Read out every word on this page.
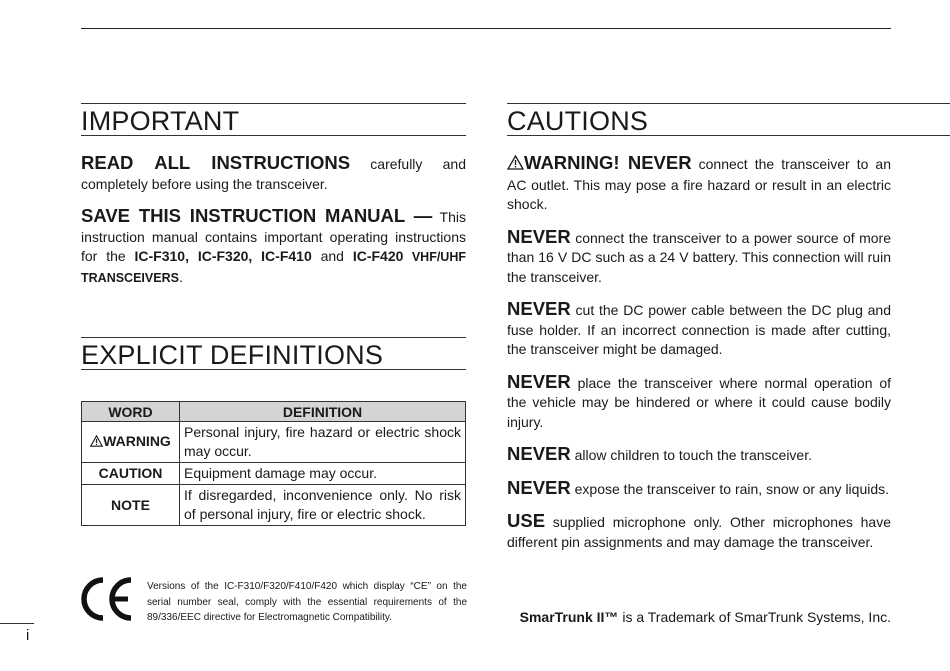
IMPORTANT

READ ALL INSTRUCTIONS carefully and completely before using the transceiver.

SAVE THIS INSTRUCTION MANUAL — This instruction manual contains important operating instructions for the IC-F310, IC-F320, IC-F410 and IC-F420 VHF/UHF TRANSCEIVERS.

EXPLICIT DEFINITIONS
WORD	DEFINITION
WARNING	Personal injury, fire hazard or electric shock may occur.
CAUTION	Equipment damage may occur.
NOTE	If disregarded, inconvenience only. No risk of personal injury, fire or electric shock.

Versions of the IC-F310/F320/F410/F420 which display “CE” on the serial number seal, comply with the essential requirements of the 89/336/EEC directive for Electromagnetic Compatibility.

CAUTIONS

WARNING! NEVER connect the transceiver to an AC outlet. This may pose a fire hazard or result in an electric shock.

NEVER connect the transceiver to a power source of more than 16 V DC such as a 24 V battery. This connection will ruin the transceiver.

NEVER cut the DC power cable between the DC plug and fuse holder. If an incorrect connection is made after cutting, the transceiver might be damaged.

NEVER place the transceiver where normal operation of the vehicle may be hindered or where it could cause bodily injury.

NEVER allow children to touch the transceiver.

NEVER expose the transceiver to rain, snow or any liquids.

USE supplied microphone only. Other microphones have different pin assignments and may damage the transceiver.

SmarTrunk II™ is a Trademark of SmarTrunk Systems, Inc.

i
